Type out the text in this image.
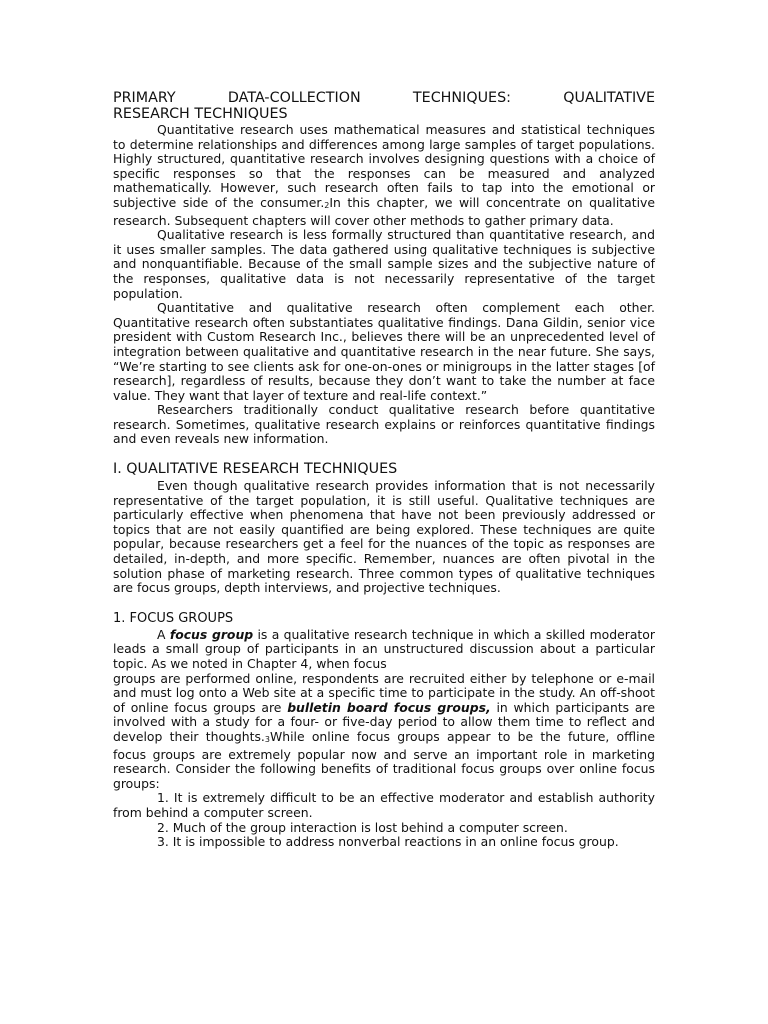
PRIMARY DATA-COLLECTION TECHNIQUES: QUALITATIVE
RESEARCH TECHNIQUES

Quantitative research uses mathematical measures and statistical techniques to determine relationships and differences among large samples of target populations. Highly structured, quantitative research involves designing questions with a choice of specific responses so that the responses can be measured and analyzed mathematically. However, such research often fails to tap into the emotional or subjective side of the $consumer._2In$ this chapter, we will concentrate on qualitative research. Subsequent chapters will cover other methods to gather primary data.

Qualitative research is less formally structured than quantitative research, and it uses smaller samples. The data gathered using qualitative techniques is subjective and nonquantifiable. Because of the small sample sizes and the subjective nature of the responses, qualitative data is not necessarily representative of the target population.

Quantitative and qualitative research often complement each other. Quantitative research often substantiates qualitative findings. Dana Gildin, senior vice president with Custom Research Inc., believes there will be an unprecedented level of integration between qualitative and quantitative research in the near future. She says, “We’re starting to see clients ask for one-on-ones or minigroups in the latter stages [of research], regardless of results, because they don’t want to take the number at face value. They want that layer of texture and real-life context.”

Researchers traditionally conduct qualitative research before quantitative research. Sometimes, qualitative research explains or reinforces quantitative findings and even reveals new information.

I. QUALITATIVE RESEARCH TECHNIQUES

Even though qualitative research provides information that is not necessarily representative of the target population, it is still useful. Qualitative techniques are particularly effective when phenomena that have not been previously addressed or topics that are not easily quantified are being explored. These techniques are quite popular, because researchers get a feel for the nuances of the topic as responses are detailed, in-depth, and more specific. Remember, nuances are often pivotal in the solution phase of marketing research. Three common types of qualitative techniques are focus groups, depth interviews, and projective techniques.

1. FOCUS GROUPS

A focus group is a qualitative research technique in which a skilled moderator leads a small group of participants in an unstructured discussion about a particular topic. As we noted in Chapter 4, when focus

groups are performed online, respondents are recruited either by telephone or e-mail and must log onto a Web site at a specific time to participate in the study. An off-shoot of online focus groups are bulletin board focus groups, in which participants are involved with a study for a four- or five-day period to allow them time to reflect and develop their $thoughts._3While$ online focus groups appear to be the future, offline focus groups are extremely popular now and serve an important role in marketing research. Consider the following benefits of traditional focus groups over online focus groups:

1. It is extremely difficult to be an effective moderator and establish authority from behind a computer screen.

2. Much of the group interaction is lost behind a computer screen.

3. It is impossible to address nonverbal reactions in an online focus group.
